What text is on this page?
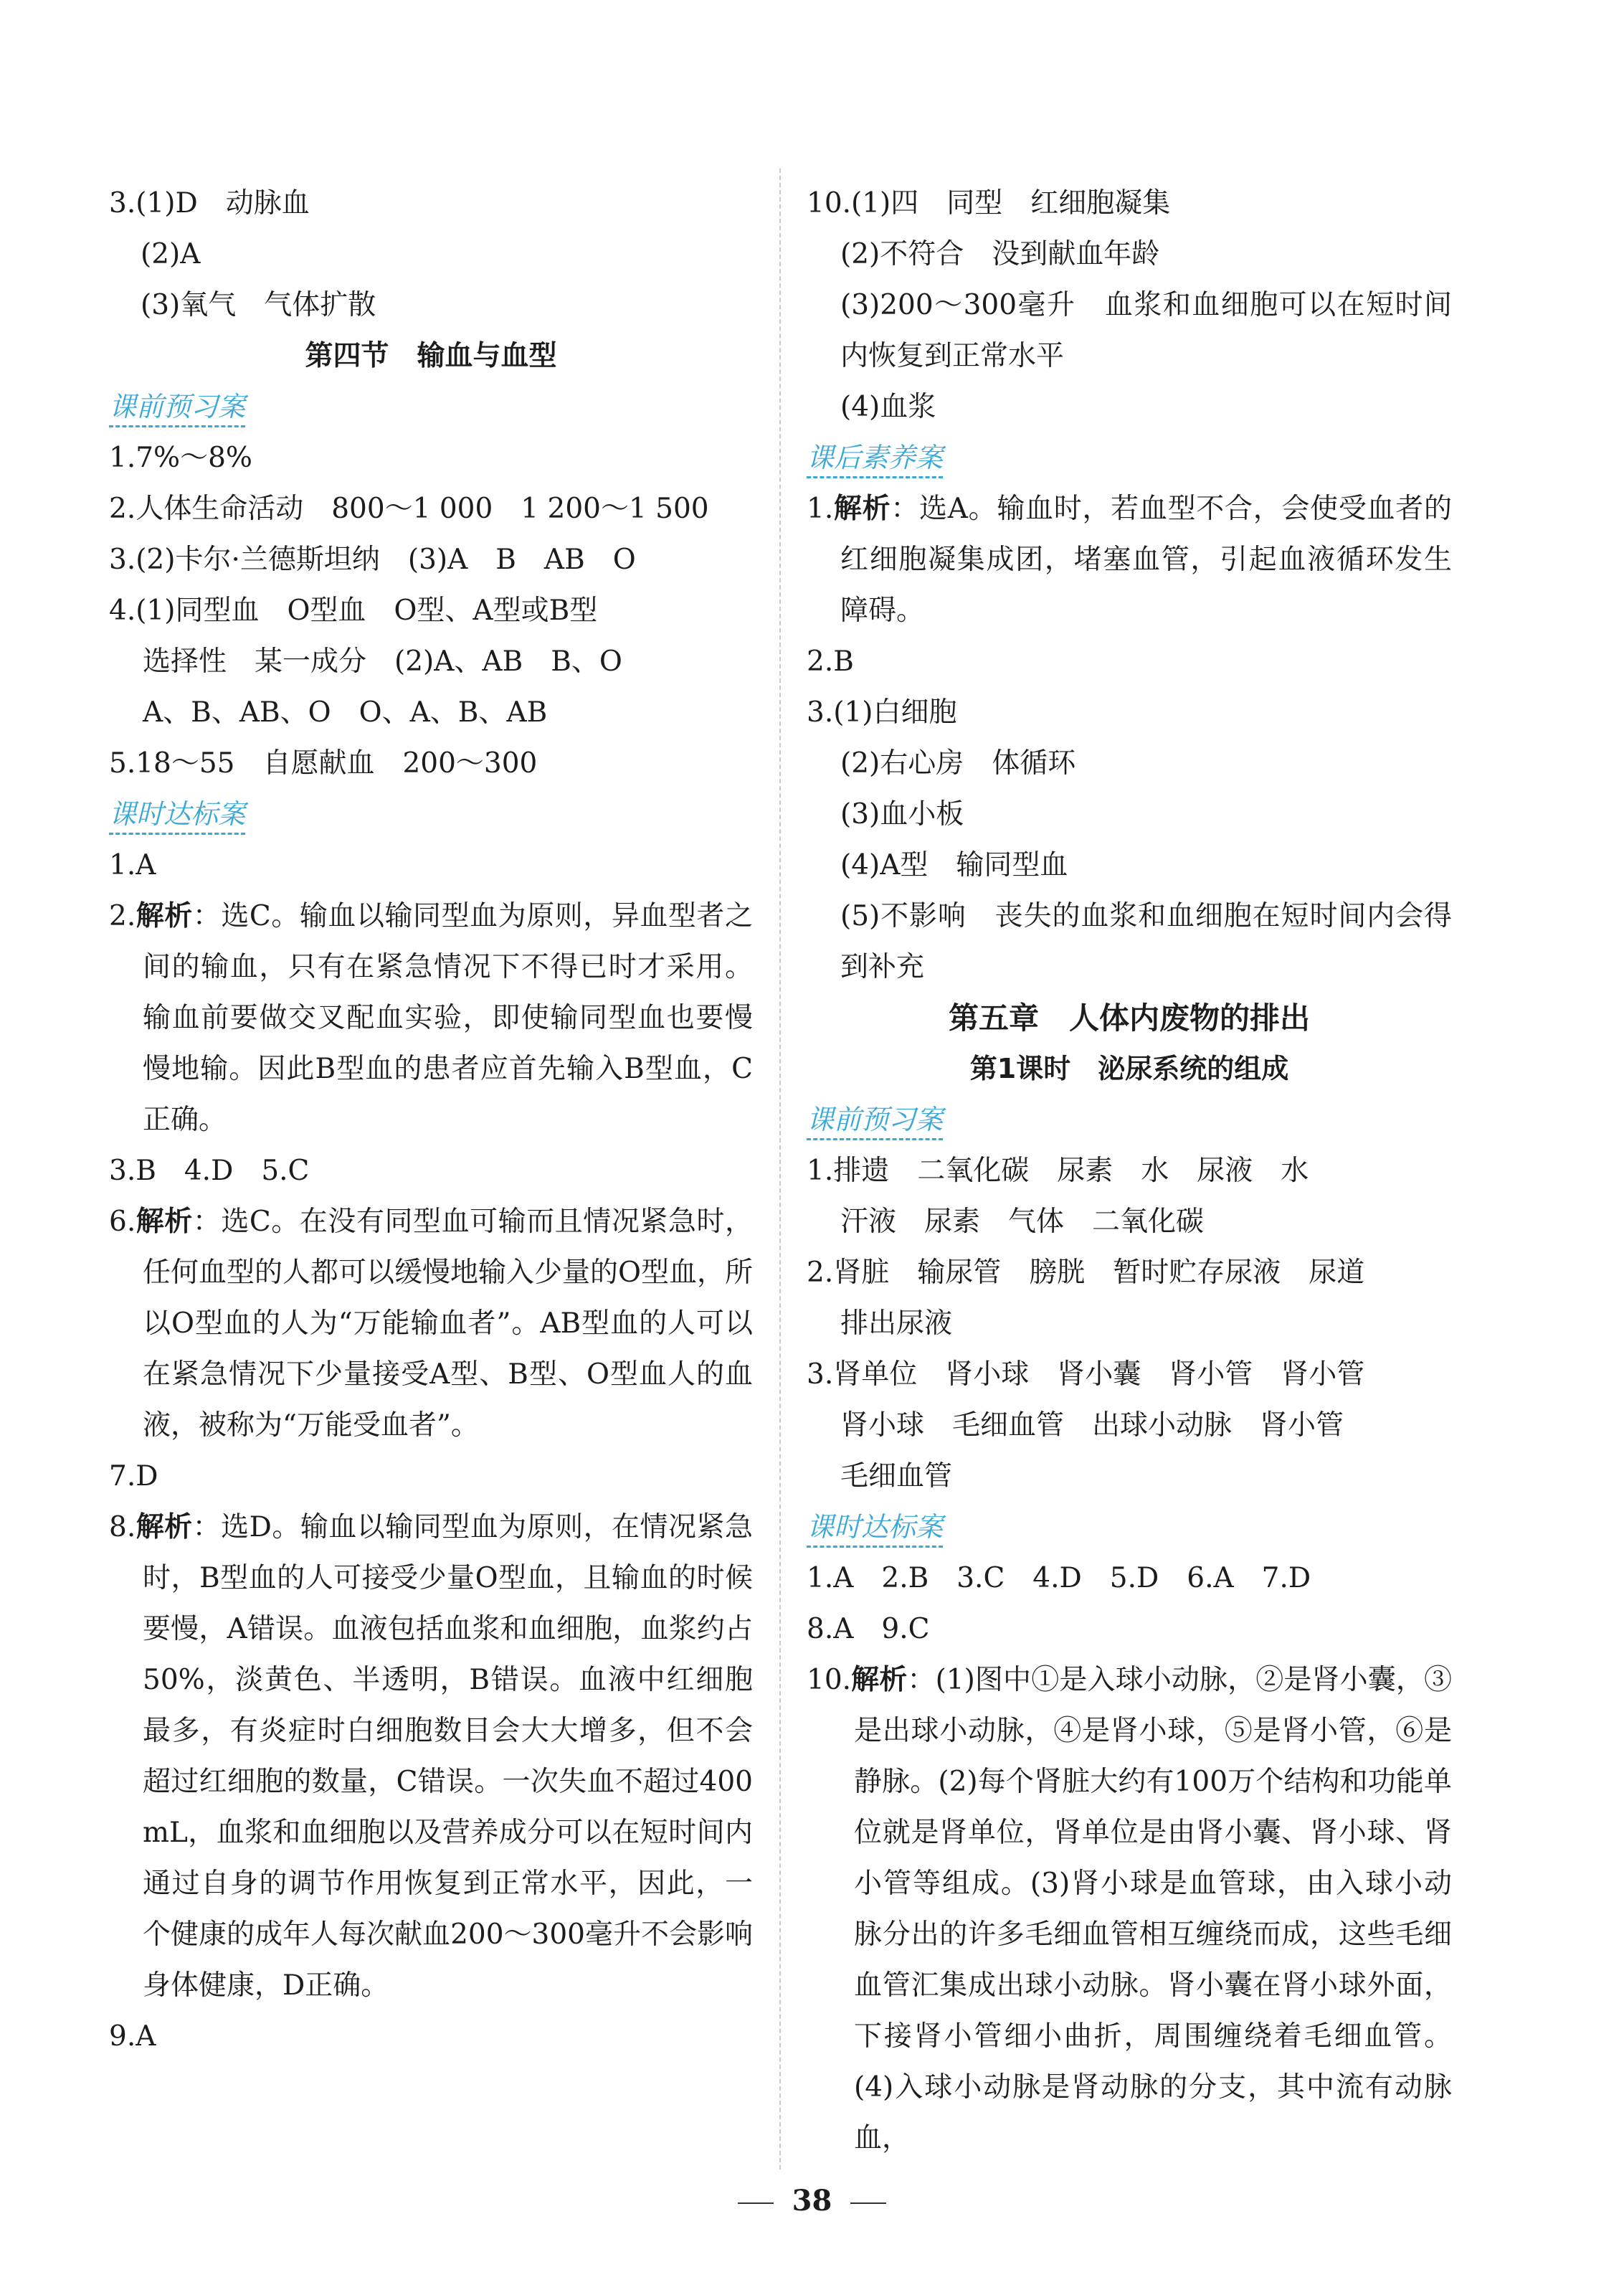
3.(1)D　动脉血
(2)A
(3)氧气　气体扩散
第四节　输血与血型
课前预习案
1.7%～8%
2.人体生命活动　800～1 000　1 200～1 500
3.(2)卡尔·兰德斯坦纳　(3)A　B　AB　O
4.(1)同型血　O型血　O型、A型或B型
选择性　某一成分　(2)A、AB　B、O
A、B、AB、O　O、A、B、AB
5.18～55　自愿献血　200～300
课时达标案
1.A
2.解析：选C。输血以输同型血为原则，异血型者之间的输血，只有在紧急情况下不得已时才采用。输血前要做交叉配血实验，即使输同型血也要慢慢地输。因此B型血的患者应首先输入B型血，C正确。
3.B　4.D　5.C
6.解析：选C。在没有同型血可输而且情况紧急时，任何血型的人都可以缓慢地输入少量的O型血，所以O型血的人为“万能输血者”。AB型血的人可以在紧急情况下少量接受A型、B型、O型血人的血液，被称为“万能受血者”。
7.D
8.解析：选D。输血以输同型血为原则，在情况紧急时，B型血的人可接受少量O型血，且输血的时候要慢，A错误。血液包括血浆和血细胞，血浆约占50%，淡黄色、半透明，B错误。血液中红细胞最多，有炎症时白细胞数目会大大增多，但不会超过红细胞的数量，C错误。一次失血不超过400 mL，血浆和血细胞以及营养成分可以在短时间内通过自身的调节作用恢复到正常水平，因此，一个健康的成年人每次献血200～300毫升不会影响身体健康，D正确。
9.A
10.(1)四　同型　红细胞凝集
(2)不符合　没到献血年龄
(3)200～300毫升　血浆和血细胞可以在短时间内恢复到正常水平
(4)血浆
课后素养案
1.解析：选A。输血时，若血型不合，会使受血者的红细胞凝集成团，堵塞血管，引起血液循环发生障碍。
2.B
3.(1)白细胞
(2)右心房　体循环
(3)血小板
(4)A型　输同型血
(5)不影响　丧失的血浆和血细胞在短时间内会得到补充
第五章　人体内废物的排出
第1课时　泌尿系统的组成
课前预习案
1.排遗　二氧化碳　尿素　水　尿液　水
汗液　尿素　气体　二氧化碳
2.肾脏　输尿管　膀胱　暂时贮存尿液　尿道
排出尿液
3.肾单位　肾小球　肾小囊　肾小管　肾小管
肾小球　毛细血管　出球小动脉　肾小管
毛细血管
课时达标案
1.A　2.B　3.C　4.D　5.D　6.A　7.D
8.A　9.C
10.解析：(1)图中①是入球小动脉，②是肾小囊，③是出球小动脉，④是肾小球，⑤是肾小管，⑥是静脉。(2)每个肾脏大约有100万个结构和功能单位就是肾单位，肾单位是由肾小囊、肾小球、肾小管等组成。(3)肾小球是血管球，由入球小动脉分出的许多毛细血管相互缠绕而成，这些毛细血管汇集成出球小动脉。肾小囊在肾小球外面，下接肾小管细小曲折，周围缠绕着毛细血管。(4)入球小动脉是肾动脉的分支，其中流有动脉血，
38
